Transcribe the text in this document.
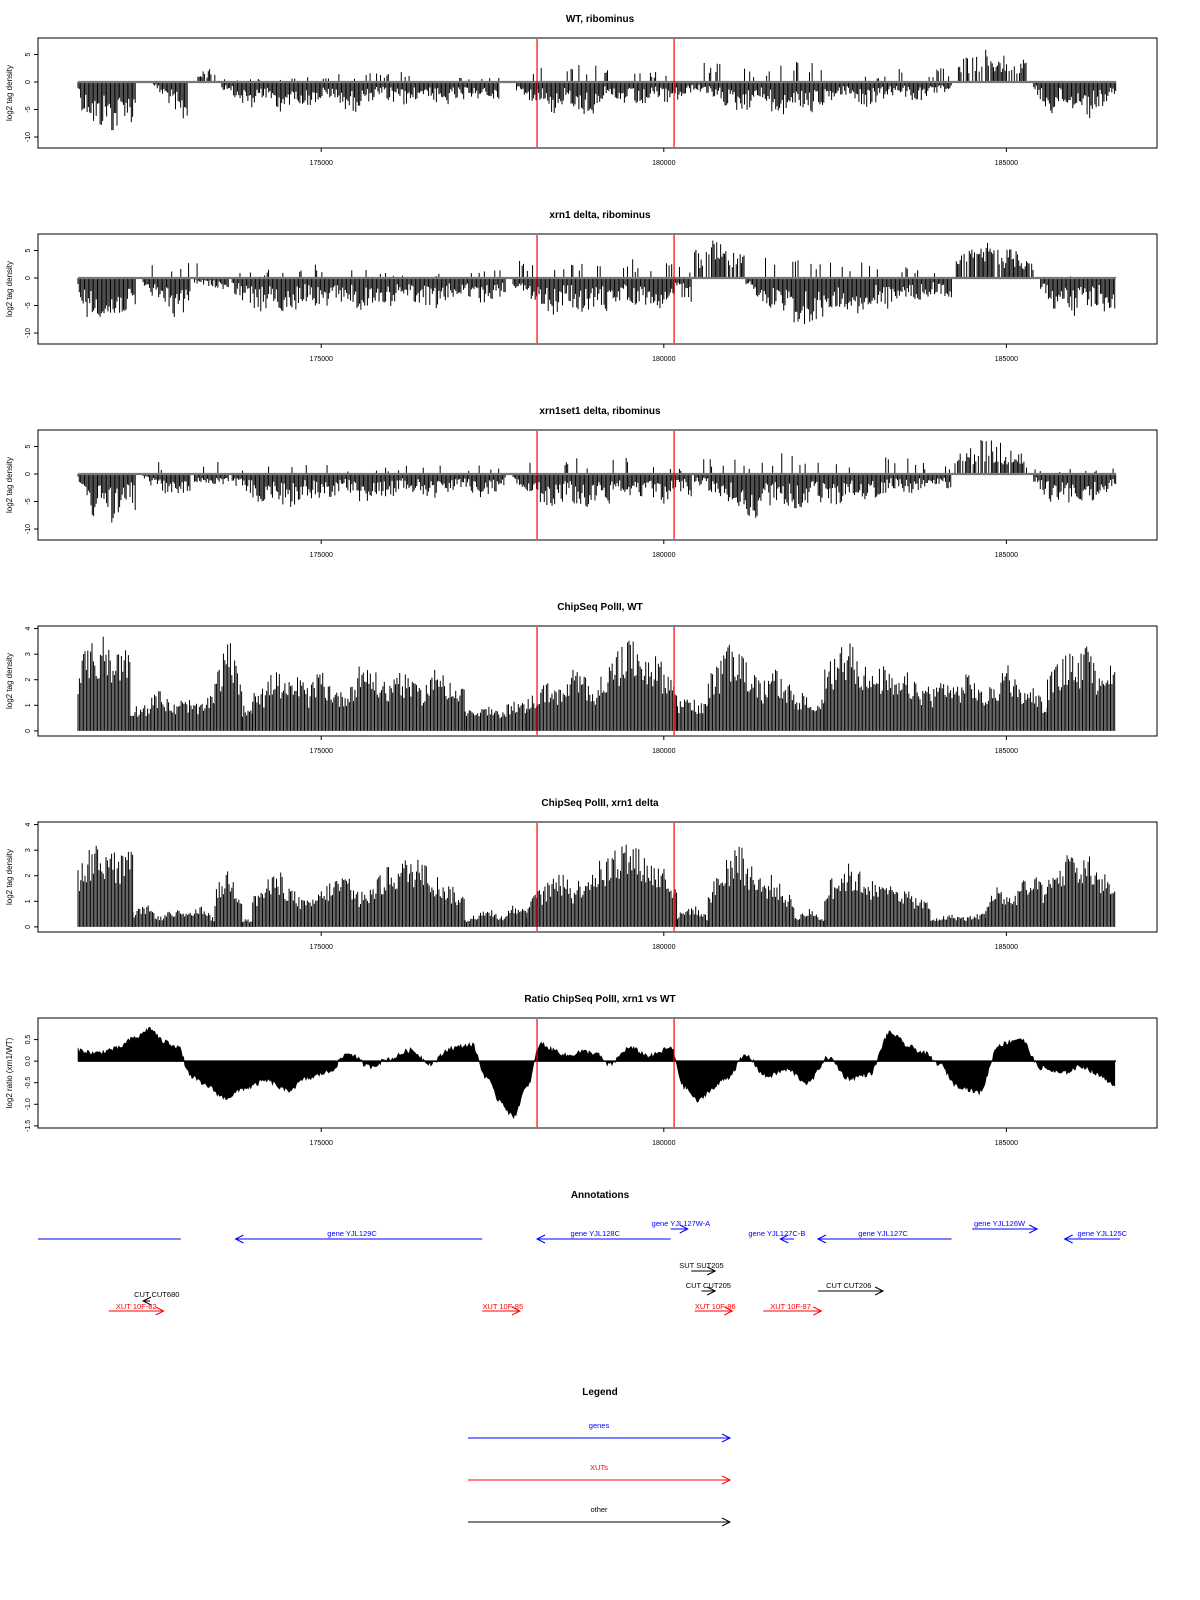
WT, ribominus
log2 tag density
5
0
-5
-10
175000	180000	185000
xrn1 delta, ribominus
log2 tag density
5
0
-5
-10
175000	180000	185000
xrn1set1 delta, ribominus
log2 tag density
5
0
-5
-10
175000	180000	185000
ChipSeq PolII, WT
log2 tag density
0
1
2
3
4
175000	180000	185000
ChipSeq PolII, xrn1 delta
log2 tag density
0
1
2
3
4
175000	180000	185000
Ratio ChipSeq PolII, xrn1 vs WT
log2 ratio (xrn1/WT) 0.5
0.0
-0.5
-1.0
-1.5
175000	180000	185000
Annotations
gene YJL129C	gene YJL128C
gene YJL127W-A
gene YJL127C-B	gene YJL127C
gene YJL126W
gene YJL125C
SUT SUT205
CUT CUT205	CUT CUT206
CUT CUT680
XUT 10F-82	XUT 10F-85	XUT 10F-86	XUT 10F-87
Legend
genes
XUTs
other
